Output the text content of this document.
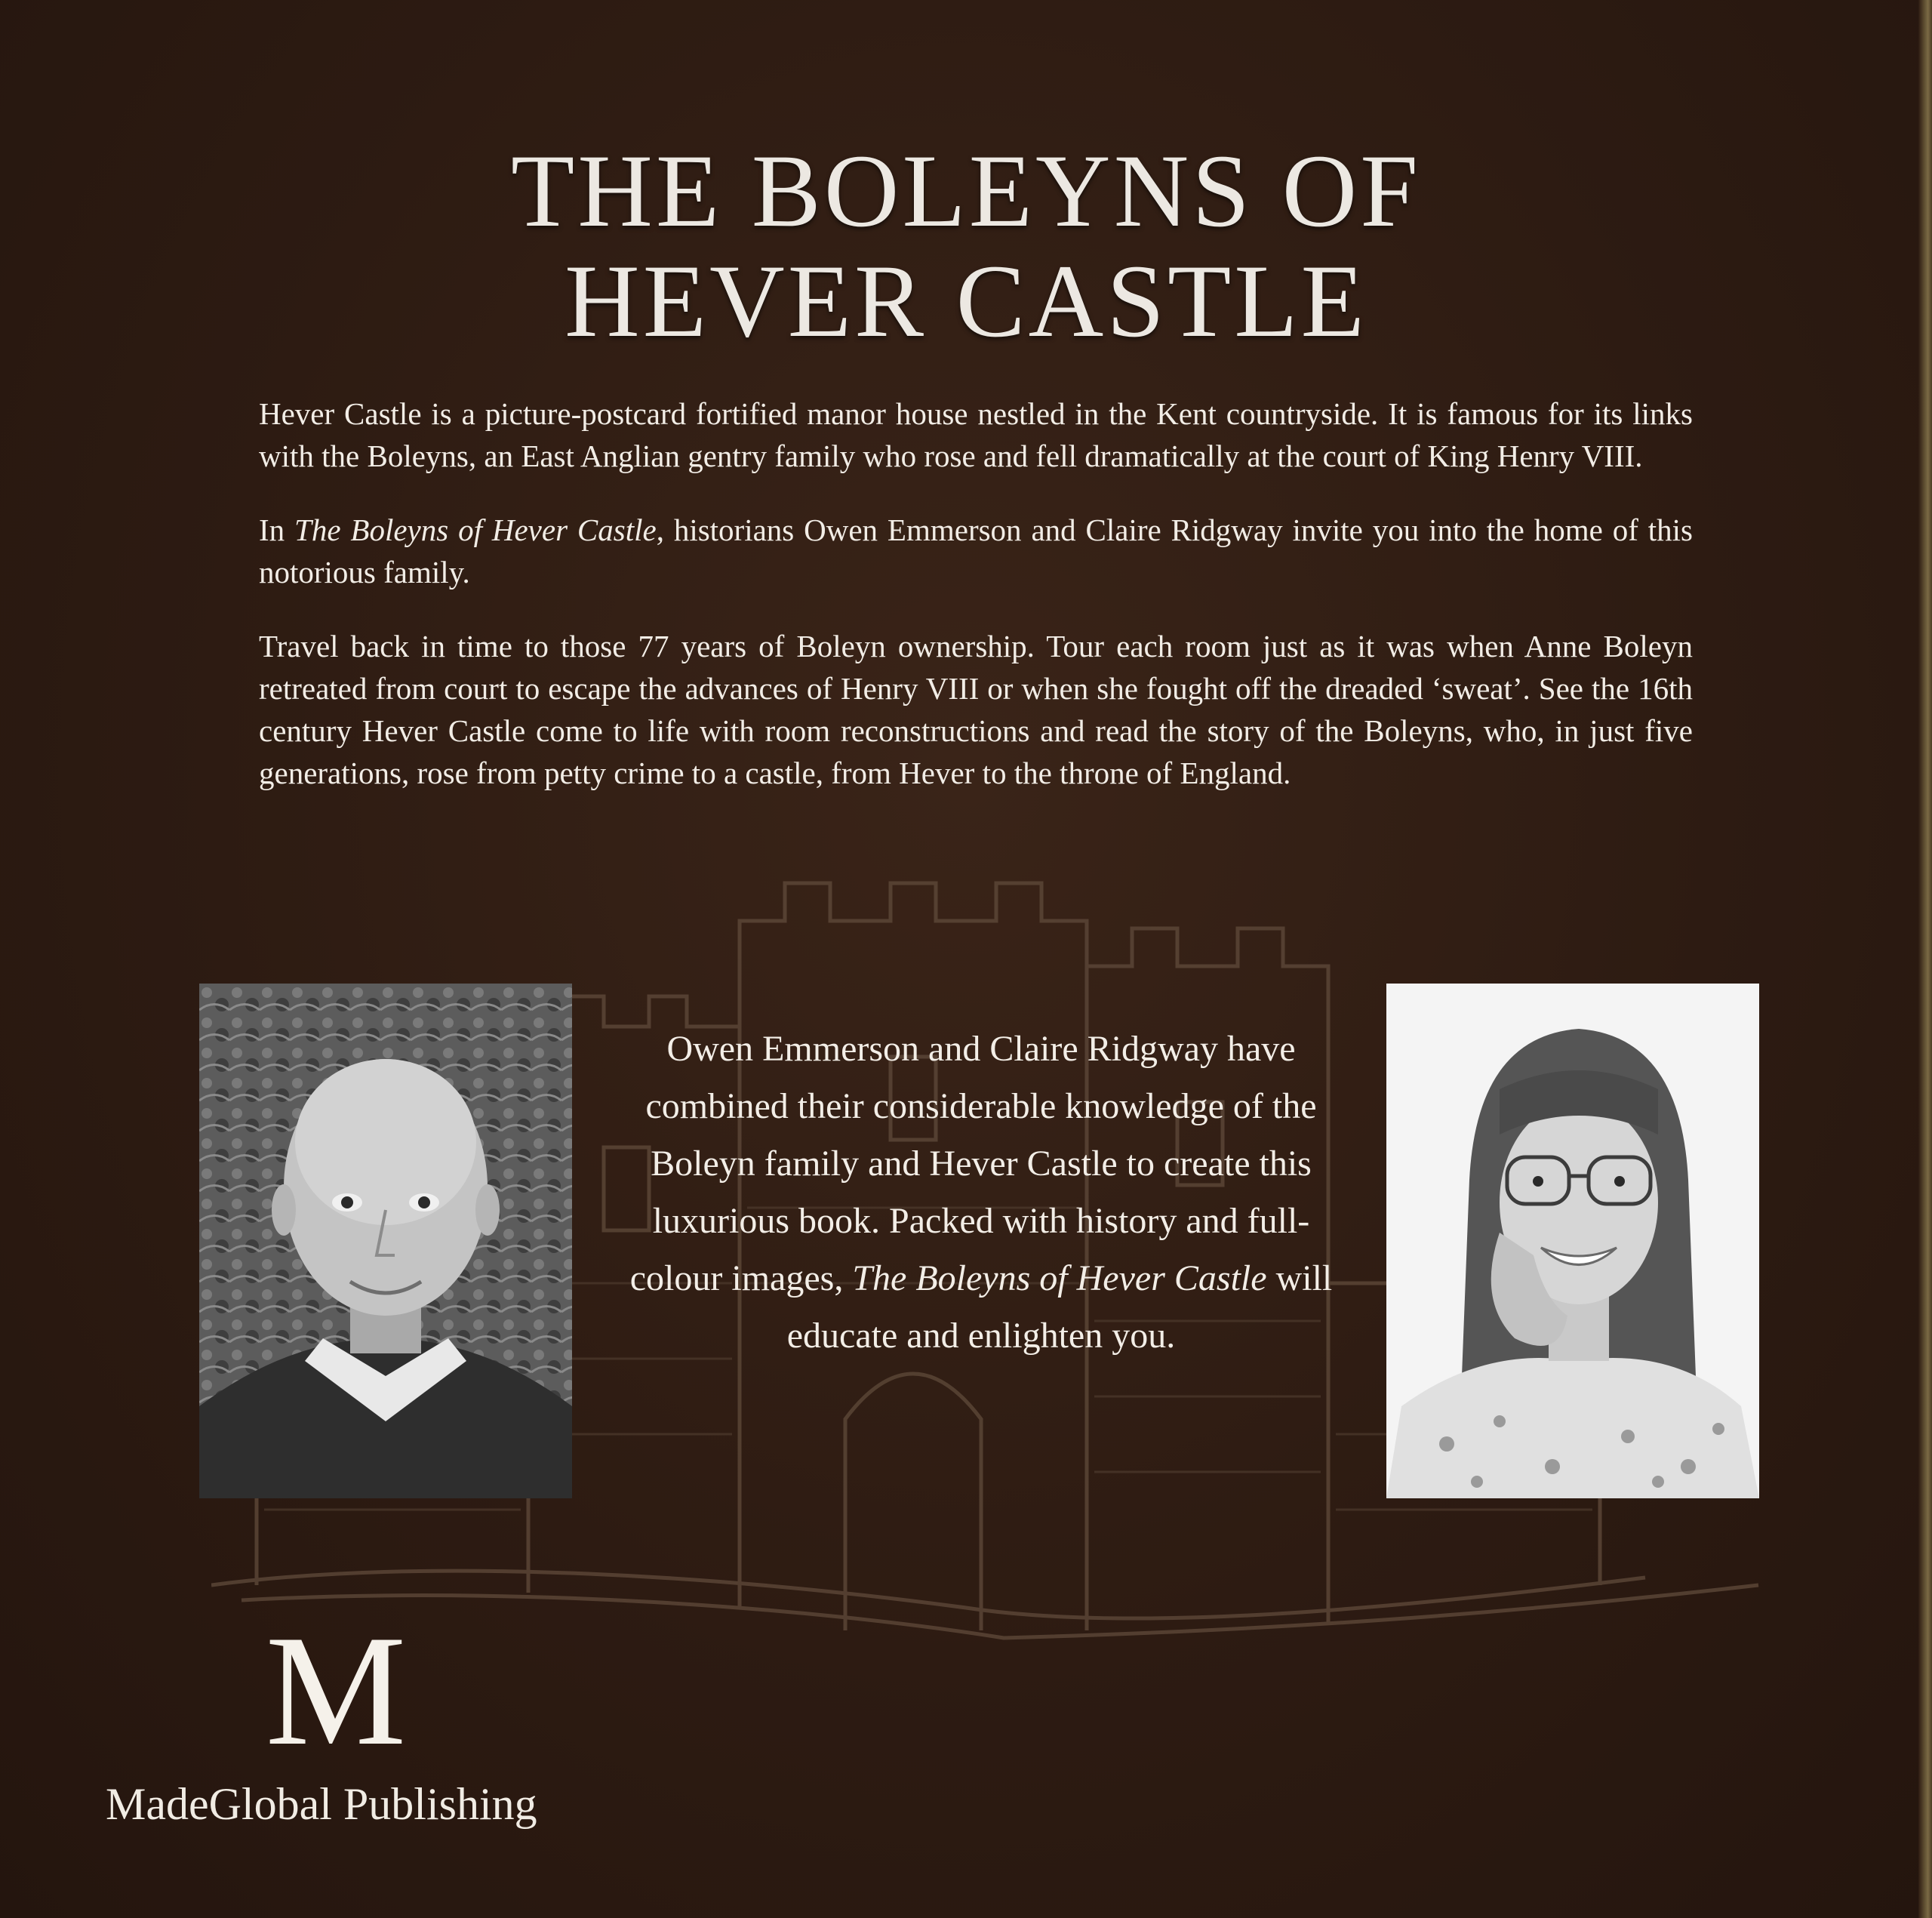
THE BOLEYNS OF
HEVER CASTLE

Hever Castle is a picture-postcard fortified manor house nestled in the Kent countryside. It is famous for its links with the Boleyns, an East Anglian gentry family who rose and fell dramatically at the court of King Henry VIII.

In The Boleyns of Hever Castle, historians Owen Emmerson and Claire Ridgway invite you into the home of this notorious family.

Travel back in time to those 77 years of Boleyn ownership. Tour each room just as it was when Anne Boleyn retreated from court to escape the advances of Henry VIII or when she fought off the dreaded ‘sweat’. See the 16th century Hever Castle come to life with room reconstructions and read the story of the Boleyns, who, in just five generations, rose from petty crime to a castle, from Hever to the throne of England.

Owen Emmerson and Claire Ridgway have combined their considerable knowledge of the Boleyn family and Hever Castle to create this luxurious book. Packed with history and full-colour images, The Boleyns of Hever Castle will educate and enlighten you.
M
MadeGlobal Publishing
